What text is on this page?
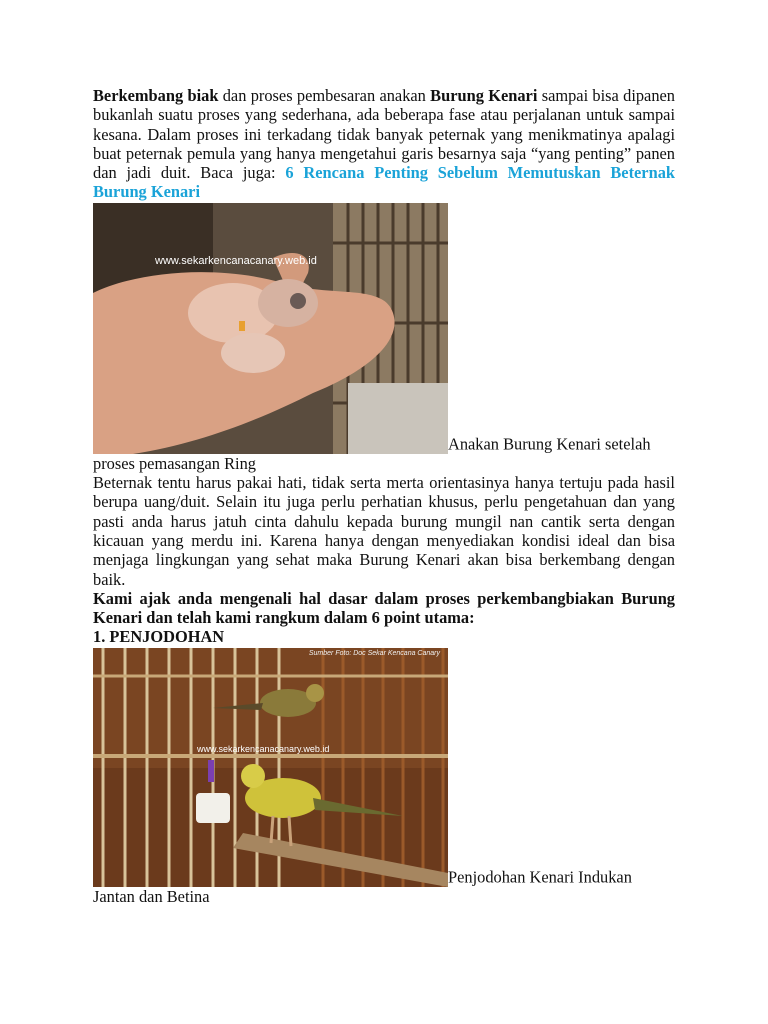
Berkembang biak dan proses pembesaran anakan Burung Kenari sampai bisa dipanen bukanlah suatu proses yang sederhana, ada beberapa fase atau perjalanan untuk sampai kesana. Dalam proses ini terkadang tidak banyak peternak yang menikmatinya apalagi buat peternak pemula yang hanya mengetahui garis besarnya saja “yang penting” panen dan jadi duit. Baca juga: 6 Rencana Penting Sebelum Memutuskan Beternak Burung Kenari

www.sekarkencanacanary.web.id
Anakan Burung Kenari setelah proses pemasangan Ring

Beternak tentu harus pakai hati, tidak serta merta orientasinya hanya tertuju pada hasil berupa uang/duit. Selain itu juga perlu perhatian khusus, perlu pengetahuan dan yang pasti anda harus jatuh cinta dahulu kepada burung mungil nan cantik serta dengan kicauan yang merdu ini. Karena hanya dengan menyediakan kondisi ideal dan bisa menjaga lingkungan yang sehat maka Burung Kenari akan bisa berkembang dengan baik.

Kami ajak anda mengenali hal dasar dalam proses perkembangbiakan Burung Kenari dan telah kami rangkum dalam 6 point utama:

1. PENJODOHAN

Sumber Foto: Doc Sekar Kencana Canary
www.sekarkencanacanary.web.id
Penjodohan Kenari Indukan Jantan dan Betina
